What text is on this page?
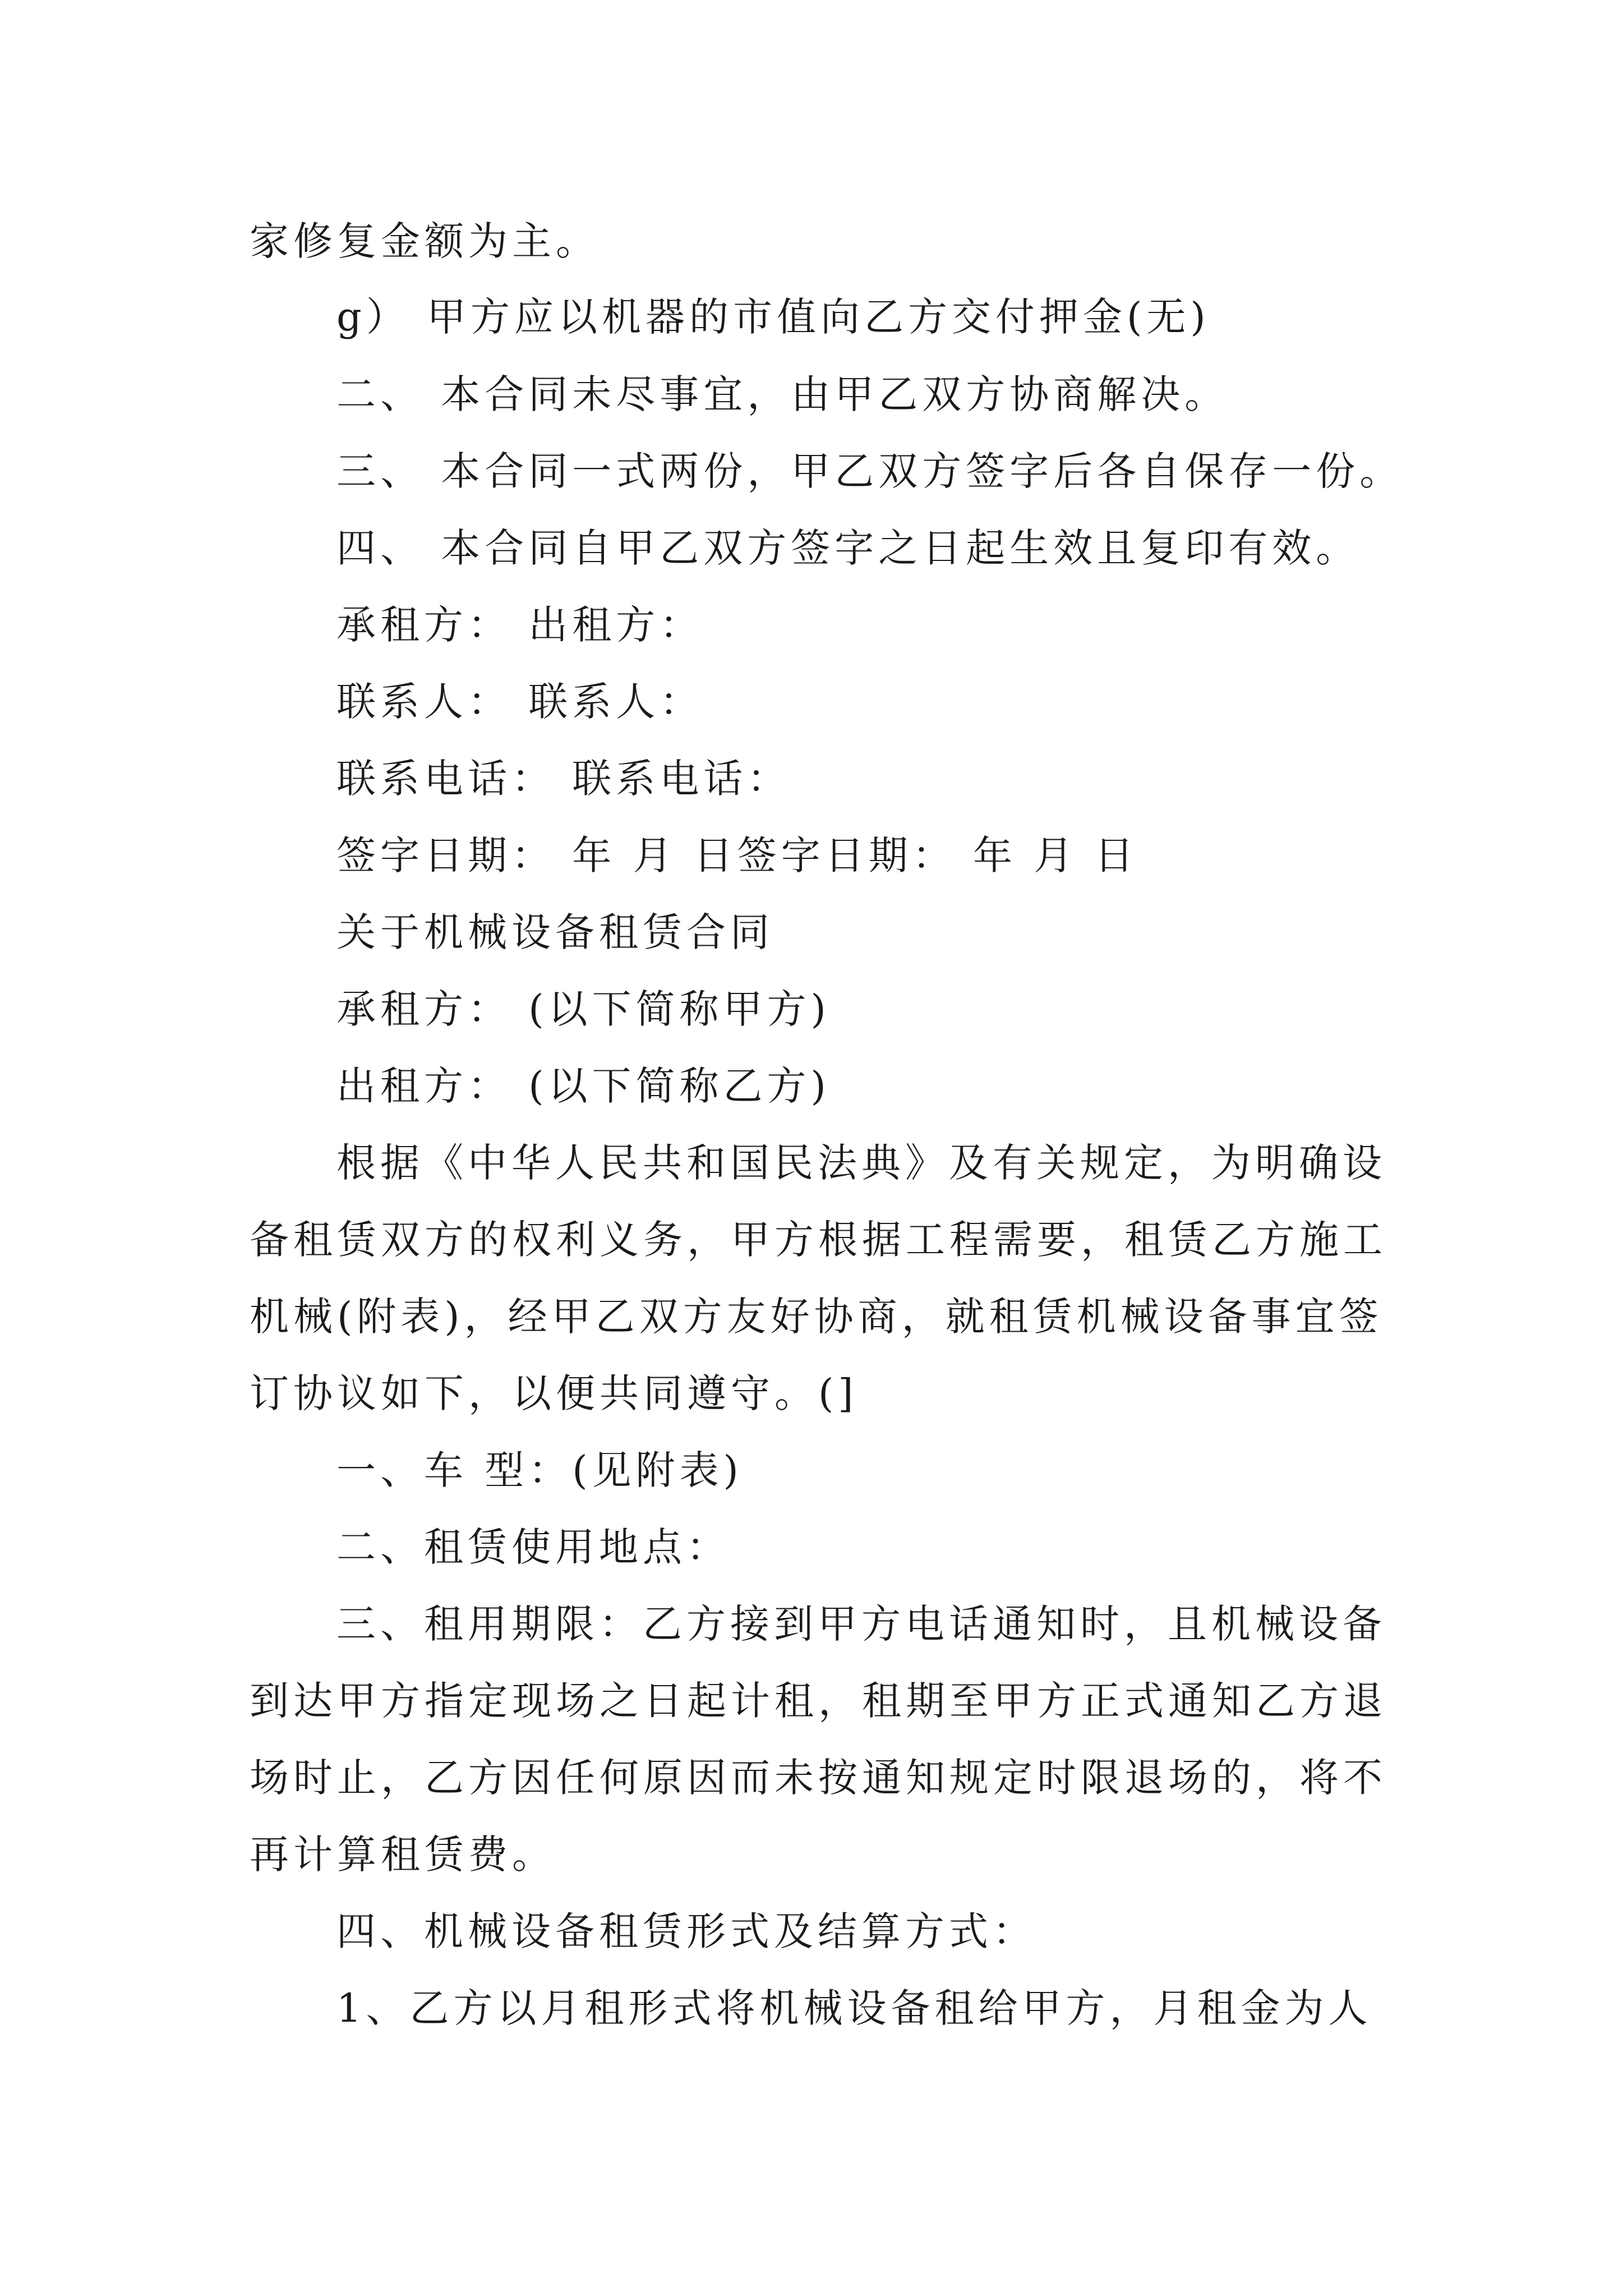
家修复金额为主。
g） 甲方应以机器的市值向乙方交付押金(无)
二、 本合同未尽事宜，由甲乙双方协商解决。
三、 本合同一式两份，甲乙双方签字后各自保存一份。
四、 本合同自甲乙双方签字之日起生效且复印有效。
承租方： 出租方：
联系人： 联系人：
联系电话： 联系电话：
签字日期： 年 月 日签字日期： 年 月 日
关于机械设备租赁合同
承租方： (以下简称甲方)
出租方： (以下简称乙方)
根据《中华人民共和国民法典》及有关规定，为明确设
备租赁双方的权利义务，甲方根据工程需要，租赁乙方施工
机械(附表)，经甲乙双方友好协商，就租赁机械设备事宜签
订协议如下，以便共同遵守。(]
一、车 型：(见附表)
二、租赁使用地点：
三、租用期限：乙方接到甲方电话通知时，且机械设备
到达甲方指定现场之日起计租，租期至甲方正式通知乙方退
场时止，乙方因任何原因而未按通知规定时限退场的，将不
再计算租赁费。
四、机械设备租赁形式及结算方式：
1、乙方以月租形式将机械设备租给甲方，月租金为人
